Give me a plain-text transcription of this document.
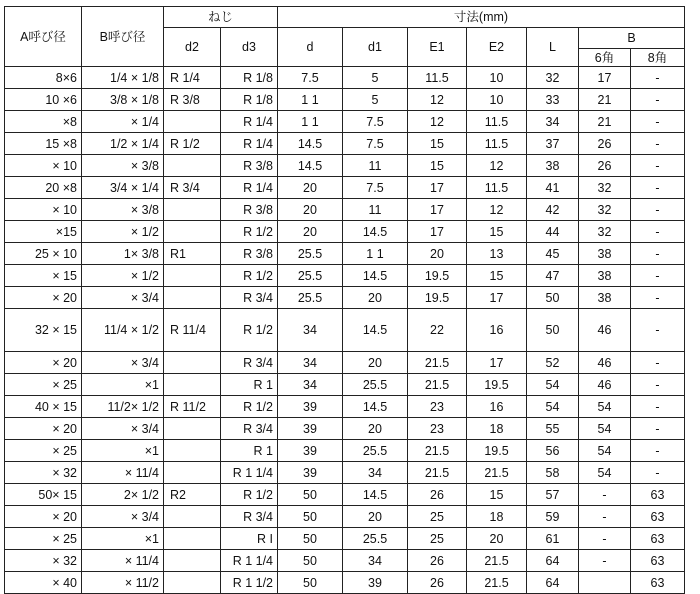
A呼び径	B呼び径	ねじ		寸法(mm)						
		d2	d3	d	d1	E1	E2	L	B	
									6角	8角
8×6	1/4 × 1/8	R 1/4	R 1/8	7.5	5	11.5	10	32	17	-
10 ×6	3/8 × 1/8	R 3/8	R 1/8	1 1	5	12	10	33	21	-
×8	× 1/4		R 1/4	1 1	7.5	12	11.5	34	21	-
15 ×8	1/2 × 1/4	R 1/2	R 1/4	14.5	7.5	15	11.5	37	26	-
× 10	× 3/8		R 3/8	14.5	11	15	12	38	26	-
20 ×8	3/4 × 1/4	R 3/4	R 1/4	20	7.5	17	11.5	41	32	-
× 10	× 3/8		R 3/8	20	11	17	12	42	32	-
×15	× 1/2		R 1/2	20	14.5	17	15	44	32	-
25 × 10	1× 3/8	R1	R 3/8	25.5	1 1	20	13	45	38	-
× 15	× 1/2		R 1/2	25.5	14.5	19.5	15	47	38	-
× 20	× 3/4		R 3/4	25.5	20	19.5	17	50	38	-
32 × 15	11/4 × 1/2	R 11/4	R 1/2	34	14.5	22	16	50	46	-
× 20	× 3/4		R 3/4	34	20	21.5	17	52	46	-
× 25	×1		R 1	34	25.5	21.5	19.5	54	46	-
40 × 15	11/2× 1/2	R 11/2	R 1/2	39	14.5	23	16	54	54	-
× 20	× 3/4		R 3/4	39	20	23	18	55	54	-
× 25	×1		R 1	39	25.5	21.5	19.5	56	54	-
× 32	× 11/4		R 1 1/4	39	34	21.5	21.5	58	54	-
50× 15	2× 1/2	R2	R 1/2	50	14.5	26	15	57	-	63
× 20	× 3/4		R 3/4	50	20	25	18	59	-	63
× 25	×1		R I	50	25.5	25	20	61	-	63
× 32	× 11/4		R 1 1/4	50	34	26	21.5	64	-	63
× 40	× 11/2		R 1 1/2	50	39	26	21.5	64		63
